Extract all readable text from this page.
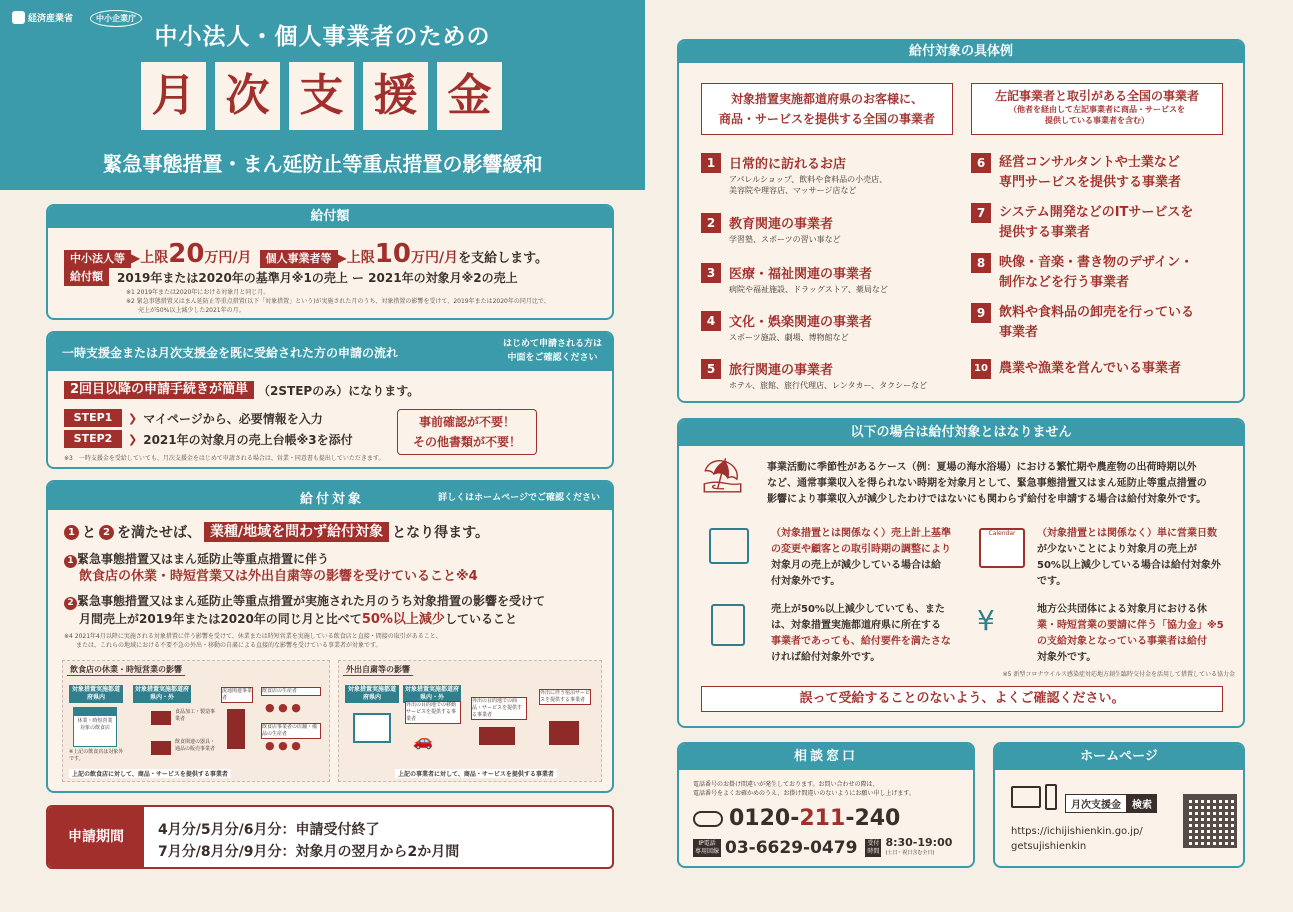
経済産業省	中小企業庁
中小法人・個人事業者のための
月 次 支 援 金
緊急事態措置・まん延防止等重点措置の影響緩和
給付額
中小法人等 ▶ 上限 20 万円/月	個人事業者等 ▶ 上限 10 万円/月 を支給します。
給付額	2019年または2020年の基準月※1の売上 ー 2021年の対象月※2の売上
※1 2019年または2020年における対象月と同じ月。
※2 緊急事態措置又はまん延防止等重点措置(以下「対象措置」という)が実施された月のうち、対象措置の影響を受けて、2019年または2020年の同月比で、
売上が50%以上減少した2021年の月。
一時支援金または月次支援金を既に受給された方の申請の流れ
はじめて申請される方は
中面をご確認ください
2回目以降の申請手続きが簡単 （2STEPのみ）になります。
STEP1	❯ マイページから、必要情報を入力
STEP2	❯ 2021年の対象月の売上台帳※3を添付
事前確認が不要！
その他書類が不要！
※3　一時支援金を受給していても、月次支援金をはじめて申請される場合は、営業・同意書も提出していただきます。
給付対象	詳しくはホームページでご確認ください
1 と 2 を満たせば、 業種/地域を問わず給付対象 となり得ます。
1 緊急事態措置又はまん延防止等重点措置に伴う
飲食店の休業・時短営業又は外出自粛等の影響を受けていること※4
2 緊急事態措置又はまん延防止等重点措置が実施された月のうち対象措置の影響を受けて
月間売上が2019年または2020年の同じ月と比べて50%以上減少していること
※4 2021年4月以降に実施される対象措置に伴う影響を受けて、休業または時短営業を実施している飲食店と直接・間接の取引があること、
または、これらの地域における不要不急の外出・移動の自粛による直接的な影響を受けている事業者が対象です。
飲食店の休業・時短営業の影響
対象措置実施都道府県内
対象措置実施都道府県内・外
休業・時短営業対象の飲食店
※上記の飲食店は対象外です。
食品加工・製造事業者
飲食関連の器具・通品の販売事業者
流通関連事業者
飲食店の生産者
● ● ●
飲食店事業者の店舗・備品の生産者
● ● ●
上記の飲食店に対して、商品・サービスを提供する事業者
外出自粛等の影響
対象措置実施都道府県内
対象措置実施都道府県内・外
外出の目的地での移動サービスを提供する事業者
🚗
外出の目的地での商品・サービスを提供する事業者
外出に伴う宿泊サービスを提供する事業者
上記の事業者に対して、商品・サービスを提供する事業者
申請期間	4月分/5月分/6月分：申請受付終了
7月分/8月分/9月分：対象月の翌月から2か月間
給付対象の具体例
対象措置実施都道府県のお客様に、
商品・サービスを提供する全国の事業者
左記事業者と取引がある全国の事業者
（他者を経由して左記事業者に商品・サービスを
提供している事業者を含む）
1	日常的に訪れるお店
アパレルショップ、飲料や食料品の小売店、
美容院や理容店、マッサージ店など
2	教育関連の事業者
学習塾、スポーツの習い事など
3	医療・福祉関連の事業者
病院や福祉施設、ドラッグストア、薬局など
4	文化・娯楽関連の事業者
スポーツ施設、劇場、博物館など
5	旅行関連の事業者
ホテル、旅館、旅行代理店、レンタカー、タクシーなど
6	経営コンサルタントや士業など
専門サービスを提供する事業者
7	システム開発などのITサービスを
提供する事業者
8	映像・音楽・書き物のデザイン・
制作などを行う事業者
9	飲料や食料品の卸売を行っている
事業者
10 農業や漁業を営んでいる事業者
以下の場合は給付対象とはなりません
⛱ 事業活動に季節性があるケース（例：夏場の海水浴場）における繁忙期や農産物の出荷時期以外
など、通常事業収入を得られない時期を対象月として、緊急事態措置又はまん延防止等重点措置の
影響により事業収入が減少したわけではないにも関わらず給付を申請する場合は給付対象外です。
（対象措置とは関係なく）売上計上基準
の変更や顧客との取引時期の調整により
対象月の売上が減少している場合は給
付対象外です。
Calendar	（対象措置とは関係なく）単に営業日数
が少ないことにより対象月の売上が
50%以上減少している場合は給付対象外
です。
売上が50%以上減少していても、また
は、対象措置実施都道府県に所在する
事業者であっても、給付要件を満たさな
ければ給付対象外です。
¥	地方公共団体による対象月における休
業・時短営業の要請に伴う「協力金」※5
の支給対象となっている事業者は給付
対象外です。
※5 新型コロナウイルス感染症対応地方創生臨時交付金を活用して措置している協力金
誤って受給することのないよう、よくご確認ください。
相談窓口
電話番号のお掛け間違いが発生しております。お問い合わせの際は、
電話番号をよくお確かめのうえ、お掛け間違いのないようにお願い申し上げます。
0120-211-240
IP電話
専用回線 03-6629-0479 受付
時間
8:30-19:00
(土日・祝日含む全日)
ホームページ
月次支援金	検索
https://ichijishienkin.go.jp/
getsujishienkin
